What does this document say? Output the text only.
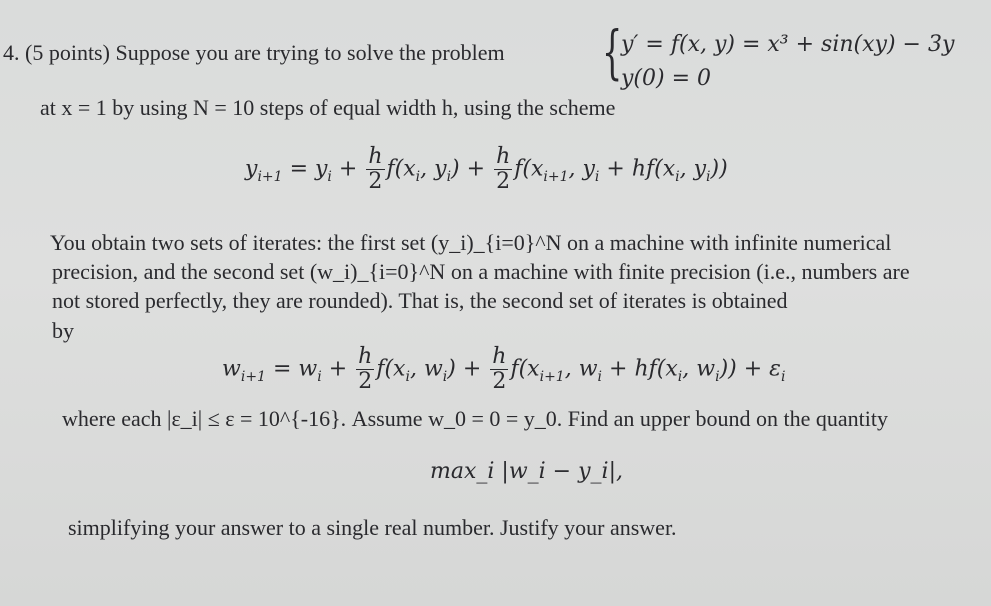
4. (5 points) Suppose you are trying to solve the problem {
y′ = f(x, y) = x³ + sin(xy) − 3y
y(0) = 0
at x = 1 by using N = 10 steps of equal width h, using the scheme
$y_{i+1} = y_i + \frac{h}{2} f(x_i$, $y_i) + \frac{h}{2} f(x_{i+1}$, $y_i + hf(x_i$, $y_i$))
You obtain two sets of iterates: the first set (y_i)_{i=0}^N on a machine with infinite numerical
precision, and the second set (w_i)_{i=0}^N on a machine with finite precision (i.e., numbers are
not stored perfectly, they are rounded). That is, the second set of iterates is obtained
by
$w_{i+1} = w_i + \frac{h}{2} f(x_i$, $w_i) + \frac{h}{2} f(x_{i+1}$, $w_i + hf(x_i$, $w_i)) + \varepsilon_i$
where each |ε_i| ≤ ε = 10^{-16}. Assume w_0 = 0 = y_0. Find an upper bound on the quantity
max_i |w_i − y_i|,
simplifying your answer to a single real number. Justify your answer.
